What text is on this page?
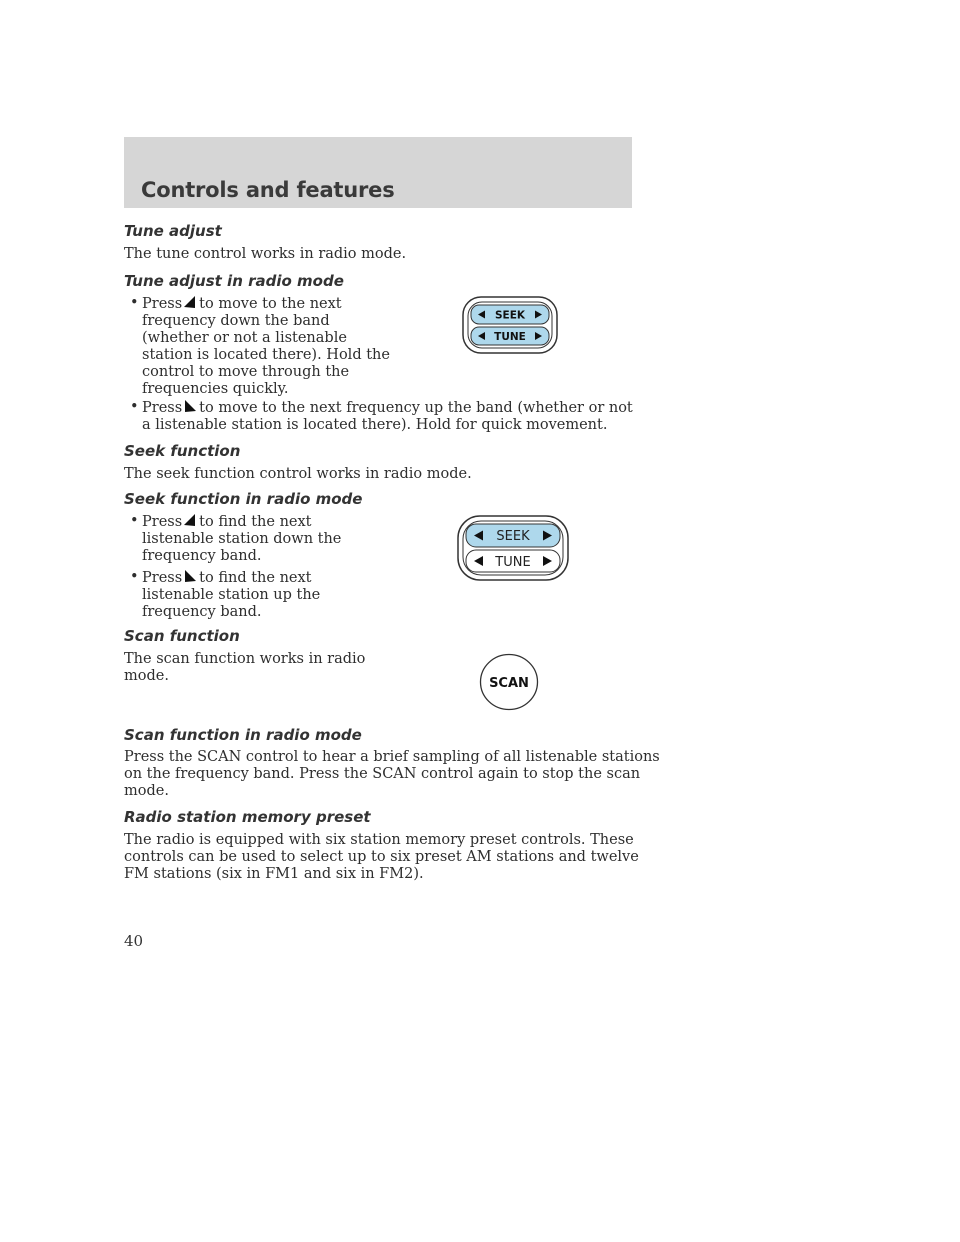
Controls and features
Tune adjust
The tune control works in radio mode.
Tune adjust in radio mode
• Press to move to the next
frequency down the band
(whether or not a listenable
station is located there). Hold the
control to move through the
frequencies quickly.
• Press to move to the next frequency up the band (whether or not
a listenable station is located there). Hold for quick movement.
SEEK
TUNE
Seek function
The seek function control works in radio mode.
Seek function in radio mode
• Press to find the next
listenable station down the
frequency band.
• Press to find the next
listenable station up the
frequency band.
SEEK
TUNE
Scan function
The scan function works in radio
mode.	SCAN
Scan function in radio mode
Press the SCAN control to hear a brief sampling of all listenable stations
on the frequency band. Press the SCAN control again to stop the scan
mode.
Radio station memory preset
The radio is equipped with six station memory preset controls. These
controls can be used to select up to six preset AM stations and twelve
FM stations (six in FM1 and six in FM2).
40
